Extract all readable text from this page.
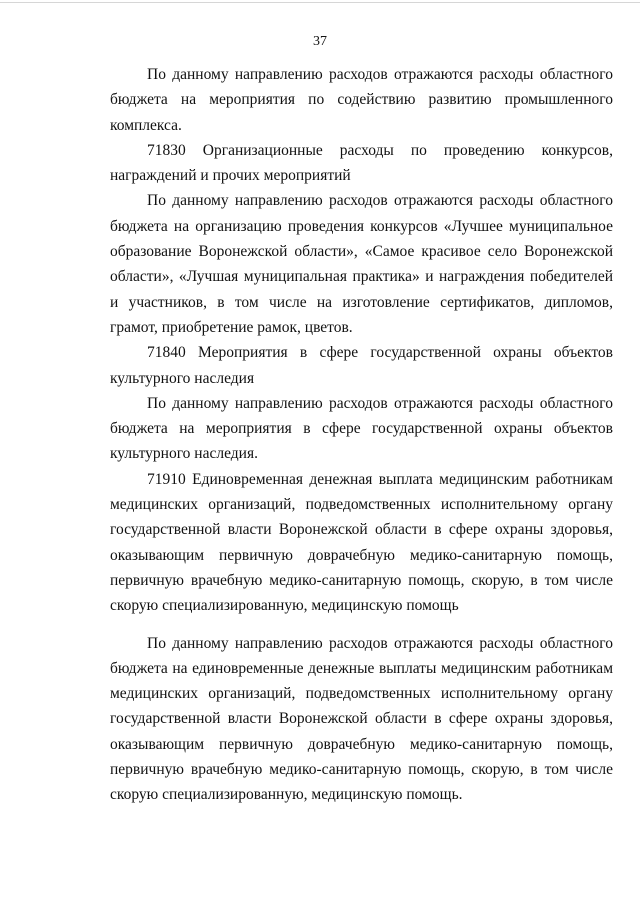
37

По данному направлению расходов отражаются расходы областного бюджета на мероприятия по содействию развитию промышленного комплекса.

71830 Организационные расходы по проведению конкурсов, награждений и прочих мероприятий

По данному направлению расходов отражаются расходы областного бюджета на организацию проведения конкурсов «Лучшее муниципальное образование Воронежской области», «Самое красивое село Воронежской области», «Лучшая муниципальная практика» и награждения победителей и участников, в том числе на изготовление сертификатов, дипломов, грамот, приобретение рамок, цветов.

71840 Мероприятия в сфере государственной охраны объектов культурного наследия

По данному направлению расходов отражаются расходы областного бюджета на мероприятия в сфере государственной охраны объектов культурного наследия.

71910 Единовременная денежная выплата медицинским работникам медицинских организаций, подведомственных исполнительному органу государственной власти Воронежской области в сфере охраны здоровья, оказывающим первичную доврачебную медико-санитарную помощь, первичную врачебную медико-санитарную помощь, скорую, в том числе скорую специализированную, медицинскую помощь

По данному направлению расходов отражаются расходы областного бюджета на единовременные денежные выплаты медицинским работникам медицинских организаций, подведомственных исполнительному органу государственной власти Воронежской области в сфере охраны здоровья, оказывающим первичную доврачебную медико-санитарную помощь, первичную врачебную медико-санитарную помощь, скорую, в том числе скорую специализированную, медицинскую помощь.
